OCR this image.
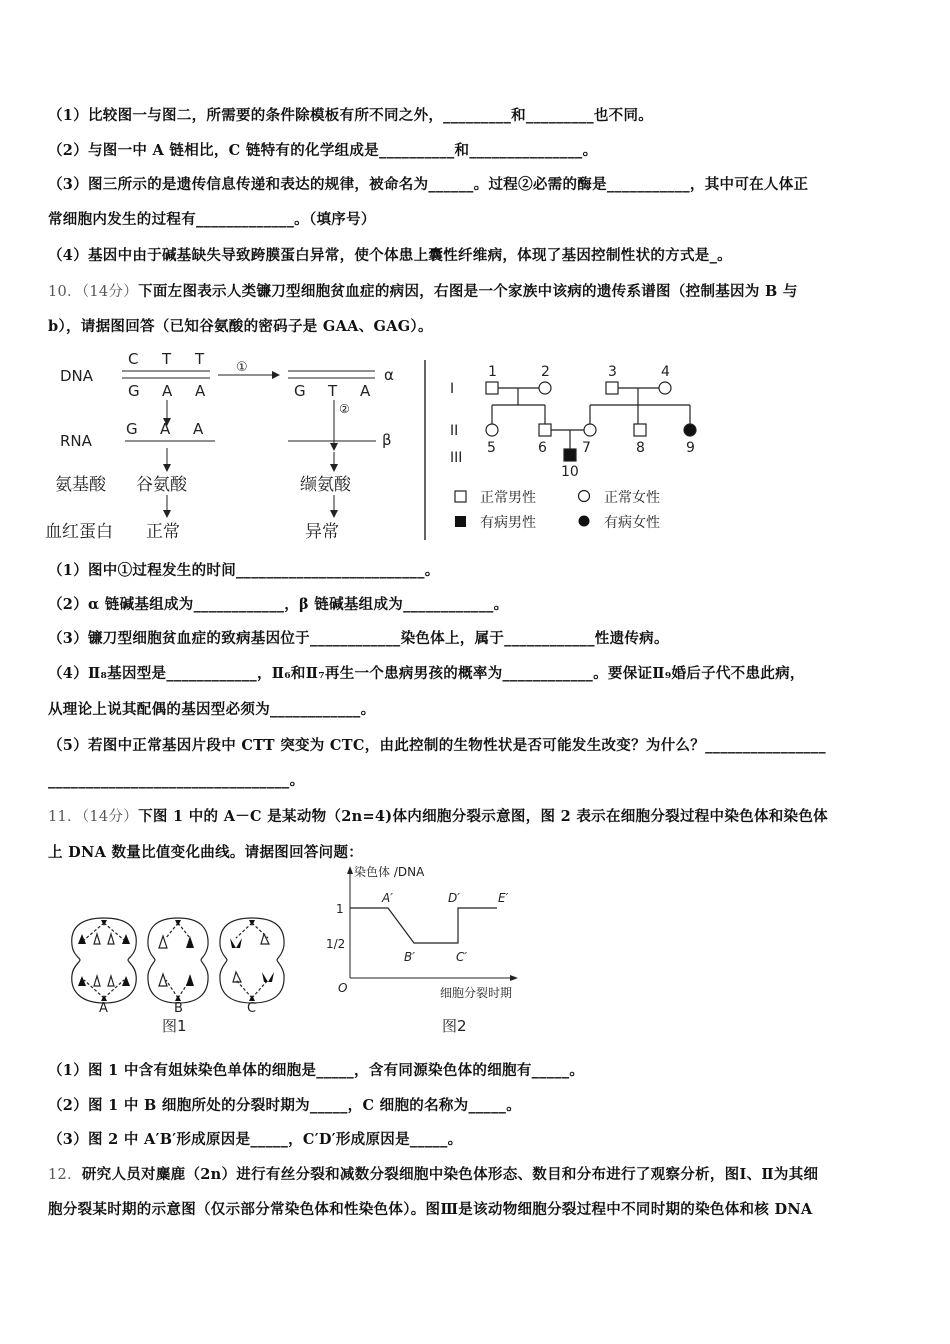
（1）比较图一与图二，所需要的条件除模板有所不同之外，_________和_________也不同。
（2）与图一中 A 链相比，C 链特有的化学组成是__________和_______________。
（3）图三所示的是遗传信息传递和表达的规律，被命名为______。过程②必需的酶是___________，其中可在人体正
常细胞内发生的过程有_____________。（填序号）
（4）基因中由于碱基缺失导致跨膜蛋白异常，使个体患上囊性纤维病，体现了基因控制性状的方式是_。
10．（14分）下面左图表示人类镰刀型细胞贫血症的病因，右图是一个家族中该病的遗传系谱图（控制基因为 B 与
b），请据图回答（已知谷氨酸的密码子是 GAA、GAG）。
（1）图中①过程发生的时间_________________________。
（2）α 链碱基组成为____________，β 链碱基组成为____________。
（3）镰刀型细胞贫血症的致病基因位于____________染色体上，属于____________性遗传病。
（4）Ⅱ₈基因型是____________，Ⅱ₆和Ⅱ₇再生一个患病男孩的概率为____________。要保证Ⅱ₉婚后子代不患此病，
从理论上说其配偶的基因型必须为____________。
（5）若图中正常基因片段中 CTT 突变为 CTC，由此控制的生物性状是否可能发生改变？为什么？________________
________________________________。
11．（14分）下图 1 中的 A－C 是某动物（2n=4)体内细胞分裂示意图，图 2 表示在细胞分裂过程中染色体和染色体
上 DNA 数量比值变化曲线。请据图回答问题：
（1）图 1 中含有姐妹染色单体的细胞是_____，含有同源染色体的细胞有_____。
（2）图 1 中 B 细胞所处的分裂时期为_____，C 细胞的名称为_____。
（3）图 2 中 A′B′形成原因是_____，C′D′形成原因是_____。
12．研究人员对麋鹿（2n）进行有丝分裂和减数分裂细胞中染色体形态、数目和分布进行了观察分析，图Ⅰ、Ⅱ为其细
胞分裂某时期的示意图（仅示部分常染色体和性染色体）。图Ⅲ是该动物细胞分裂过程中不同时期的染色体和核 DNA
DNA
C T T
G A A
①	α
G T A
②
RNA
G A A
β
氨基酸 谷氨酸	缬氨酸
血红蛋白 正常	异常
I
II
III
1	2	3	4
5	6	7	8	9
10
正常男性	正常女性
有病男性	有病女性
A	B	C
图1
染色体 /DNA
细胞分裂时期
O
1
1/2
A′
B′	C′
D′	E′
图2
